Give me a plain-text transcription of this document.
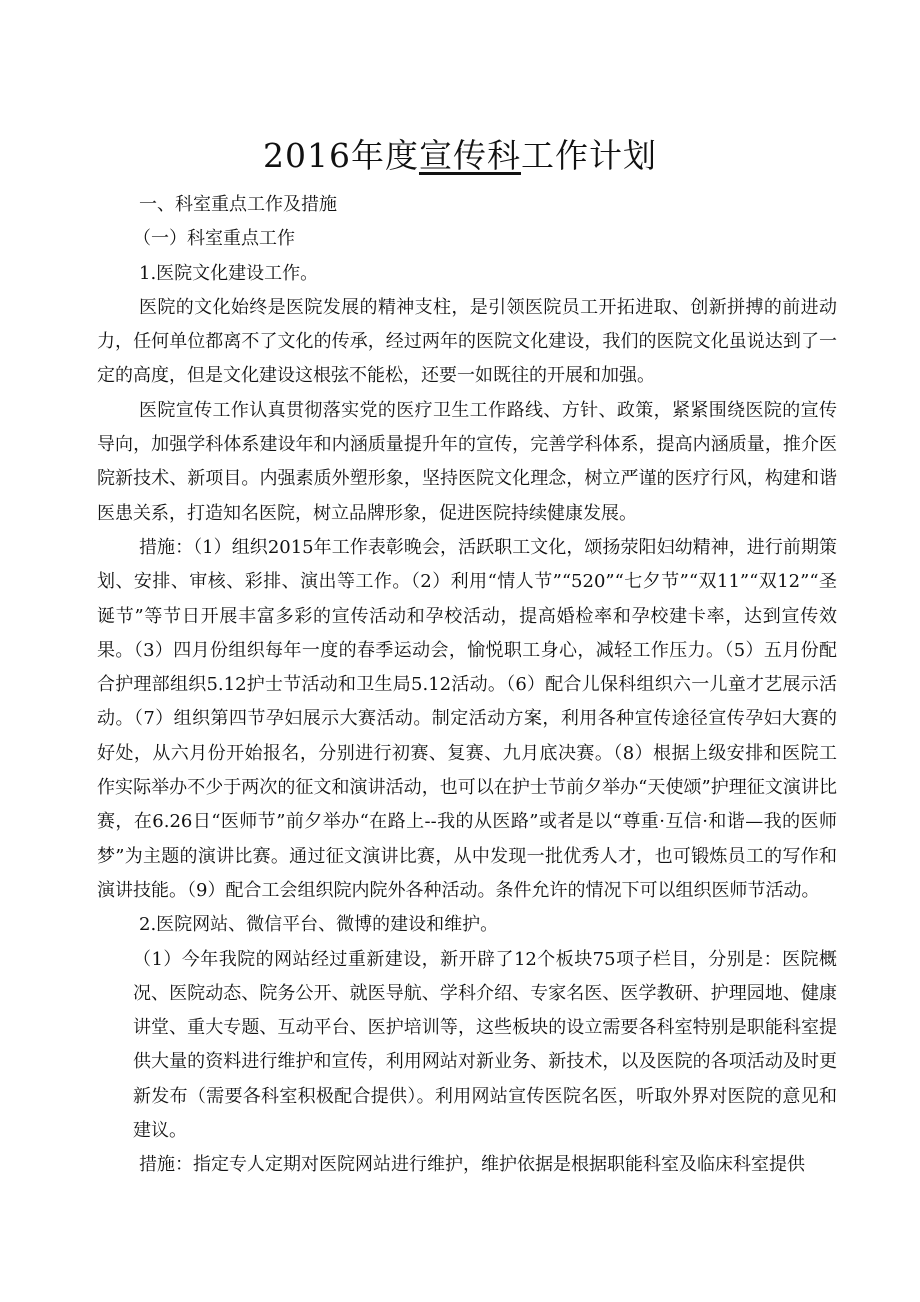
2016年度宣传科工作计划

一、科室重点工作及措施

（一）科室重点工作

1.医院文化建设工作。

医院的文化始终是医院发展的精神支柱，是引领医院员工开拓进取、创新拼搏的前进动力，任何单位都离不了文化的传承，经过两年的医院文化建设，我们的医院文化虽说达到了一定的高度，但是文化建设这根弦不能松，还要一如既往的开展和加强。

医院宣传工作认真贯彻落实党的医疗卫生工作路线、方针、政策，紧紧围绕医院的宣传导向，加强学科体系建设年和内涵质量提升年的宣传，完善学科体系，提高内涵质量，推介医院新技术、新项目。内强素质外塑形象，坚持医院文化理念，树立严谨的医疗行风，构建和谐医患关系，打造知名医院，树立品牌形象，促进医院持续健康发展。

措施：（1）组织2015年工作表彰晚会，活跃职工文化，颂扬荥阳妇幼精神，进行前期策划、安排、审核、彩排、演出等工作。（2）利用“情人节”“520”“七夕节”“双11”“双12”“圣诞节”等节日开展丰富多彩的宣传活动和孕校活动，提高婚检率和孕校建卡率，达到宣传效果。（3）四月份组织每年一度的春季运动会，愉悦职工身心，减轻工作压力。（5）五月份配合护理部组织5.12护士节活动和卫生局5.12活动。（6）配合儿保科组织六一儿童才艺展示活动。（7）组织第四节孕妇展示大赛活动。制定活动方案，利用各种宣传途径宣传孕妇大赛的好处，从六月份开始报名，分别进行初赛、复赛、九月底决赛。（8）根据上级安排和医院工作实际举办不少于两次的征文和演讲活动，也可以在护士节前夕举办“天使颂”护理征文演讲比赛，在6.26日“医师节”前夕举办“在路上--我的从医路”或者是以“尊重·互信·和谐—我的医师梦”为主题的演讲比赛。通过征文演讲比赛，从中发现一批优秀人才，也可锻炼员工的写作和演讲技能。（9）配合工会组织院内院外各种活动。条件允许的情况下可以组织医师节活动。

2.医院网站、微信平台、微博的建设和维护。

（1）今年我院的网站经过重新建设，新开辟了12个板块75项子栏目，分别是：医院概况、医院动态、院务公开、就医导航、学科介绍、专家名医、医学教研、护理园地、健康讲堂、重大专题、互动平台、医护培训等，这些板块的设立需要各科室特别是职能科室提供大量的资料进行维护和宣传，利用网站对新业务、新技术，以及医院的各项活动及时更新发布（需要各科室积极配合提供）。利用网站宣传医院名医，听取外界对医院的意见和建议。

措施：指定专人定期对医院网站进行维护，维护依据是根据职能科室及临床科室提供
